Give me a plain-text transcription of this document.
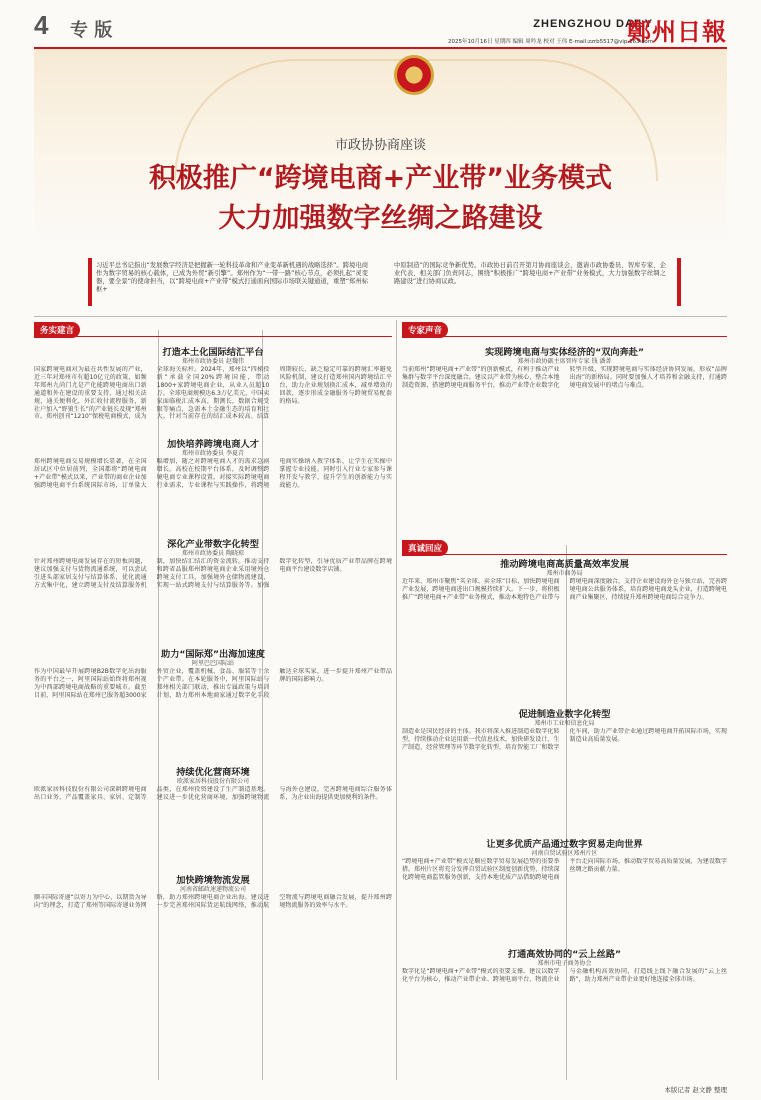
4 专 版	ZHENGZHOU DAILY
鄭州日報
2025年10月16日 星期四 编辑 周吟龙 校对 王伟 E-mail:zzrb5517@vip.163.com
市政协协商座谈
积极推广“跨境电商+产业带”业务模式
大力加强数字丝绸之路建设
习近平总书记指出“发展数字经济是把握新一轮科技革命和产业变革新机遇的战略选择”。跨境电商作为数字贸易的核心载体，已成为外贸“新引擎”。郑州作为“一带一路”核心节点，必须扎起“灵变器，要全景“的使命担当，以“跨境电商+产业带”模式打通面向国际市场联关键通道，重塑“郑州标枢+
中原制造”的国际竞争新优势。市政协日前召开第月协商座谈会，邀请市政协委员、智库专家、企业代表、相关部门负责同志，围绕“积极推广“跨境电商+产业带”业务模式，大力加强数字丝绸之路建设”进行协商议政。
务实建言
打造本土化国际结汇平台
郑州市政协委员 赵魏伟
国家跨境电商对为最在共性发展的产业，近三年对郑州市有超10亿元的政策，如频年郑州九尚门尤是产化能跨境电商出口新通道和外在建设的重要支持，通过相关法规，通关便利化，外汇收付流程服务，新社户加入“野狼生长”的产业链长及现“郑州市。郑州创刊“1210”保税电商模式，成为全球海关标杆。2024年，郑州以“四梯投新”承载全国20%跨境国能，带动1800+家跨境电商企业，从业人员超10万。全球电商规模达6.3万亿美元，中国卖家面临税汇成本高，期测长，数据合规受限等痛点，急需本土金融生态的培育和壮大。针对当前存在的结汇成本较高、结算周期较长、缺乏稳定可靠的跨境汇率避免风险机制，建议打造郑州国内跨境结汇平台，助力企业规划换汇成本，减单增效的回款，逐步形成金融服务与跨境贸易配套的格局。
加快培养跨境电商人才
郑州市政协委员 李夏青
郑州跨境电商交易规模增长显著，在全国居试区中位居前列，全国都将“跨境电商+产业带”模式以来，产业带的商业企业加强跨境电商平台系统国际市场，订单量大幅增加，随之对跨境电商人才的需求急剧增长。高校在校期平台体系，及时调整跨境电商专业课程设置。对接实际跨境电商行业需求，专业课程与实践操作，将跨境电商实操纳入教学体系，让学生在实操中掌握专业技能，同时引入行业专家参与课程开发与教学，提升学生的创新能力与实战能力。
深化产业带数字化转型
郑州市政协委员 陶晓琼
针对郑州跨境电商发展存在的短板问题，建议加强支付与货物流通系统，可以尝试引进头部家居支付与结算体系，优化流通方式集中化，建立跨境支付及结算服务机制，加快结汇结汇的资金流转。推动支持和跨省品服郑州跨境电商企业采用境外仓跨境支付工具，加强境外仓储物流建设，实现一站式跨境支付与结算服务等。加强数字化转型，引导优质产业带品牌在跨境电商平台建设数字店铺。
助力“国际郑”出海加速度
阿里巴巴国际站
作为中国最早开展跨境B2B数字化出海服务的平台之一，阿里国际站始终将郑州视为中西部跨境电商战略的重要城市。截至目前，阿里国际站在郑州已服务超3000家外贸企业，覆盖机械、食品、服装等十余个产业带。在本轮服务中，阿里国际站与郑州相关部门联动，推出专属政策与培训计划，助力郑州本地商家通过数字化手段触达全球买家，进一步提升郑州产业带品牌的国际影响力。
持续优化营商环境
欧派家居科技股份有限公司
欧派家居科技股份有限公司深耕跨境电商出口业务，产品覆盖家具、家居、定制等品类，在郑州投资建设了生产制造基地。建议进一步优化营商环境，加强跨境物流与海外仓建设，完善跨境电商综合服务体系，为企业出海提供更加便利的条件。
加快跨境物流发展
河南省邮政速递物流公司
顺丰国际寄递“以寄力为中心，以期货为导向”的理念，打造了郑州等国际寄递业务网络，助力郑州跨境电商企业出海。建议进一步完善郑州国际货运航线网络，推动航空物流与跨境电商融合发展，提升郑州跨境物流服务的效率与水平。
专家声音
实现跨境电商与实体经济的“双向奔赴”
郑州市政协副主席智库专家 钱 潘菁
当前郑州“跨境电商+产业带”的创新模式，有利于推动产业集群与数字平台深度融合。建议以产业带为核心，整合本地制造资源，搭建跨境电商服务平台，推动产业带企业数字化转型升级，实现跨境电商与实体经济协同发展，形成“品牌出海”的新格局。同时要加强人才培养和金融支持，打通跨境电商发展中的堵点与难点。
真诚回应
推动跨境电商高质量高效率发展
郑州市商务局
近年来，郑州市聚焦“买全球、卖全球”目标，加快跨境电商产业发展，跨境电商进出口规模持续扩大。下一步，将积极推广“跨境电商+产业带”业务模式，推动本地特色产业带与跨境电商深度融合，支持企业建设海外仓与独立站，完善跨境电商公共服务体系，培育跨境电商龙头企业，打造跨境电商产业集聚区，持续提升郑州跨境电商综合竞争力。
促进制造业数字化转型
郑州市工业和信息化局
制造业是国民经济的主体。我市将深入推进制造业数字化转型，持续推动企业运用新一代信息技术，加快研发设计、生产制造、经营管理等环节数字化转型，培育智能工厂和数字化车间，助力产业带企业通过跨境电商开拓国际市场，实现制造业高质量发展。
让更多优质产品通过数字贸易走向世界
河南自贸试验区郑州片区
“跨境电商+产业带”模式是顺应数字贸易发展趋势的重要举措。郑州片区将充分发挥自贸试验区制度创新优势，持续深化跨境电商监管服务创新，支持本地优质产品借助跨境电商平台走向国际市场，推动数字贸易高质量发展，为建设数字丝绸之路贡献力量。
打通高效协同的“云上丝路”
郑州市电子商务协会
数字化是“跨境电商+产业带”模式的重要支撑。建议以数字化平台为核心，推动产业带企业、跨境电商平台、物流企业与金融机构高效协同，打造线上线下融合发展的“云上丝路”，助力郑州产业带企业更好地连接全球市场。
本版记者 赵文静 整理
